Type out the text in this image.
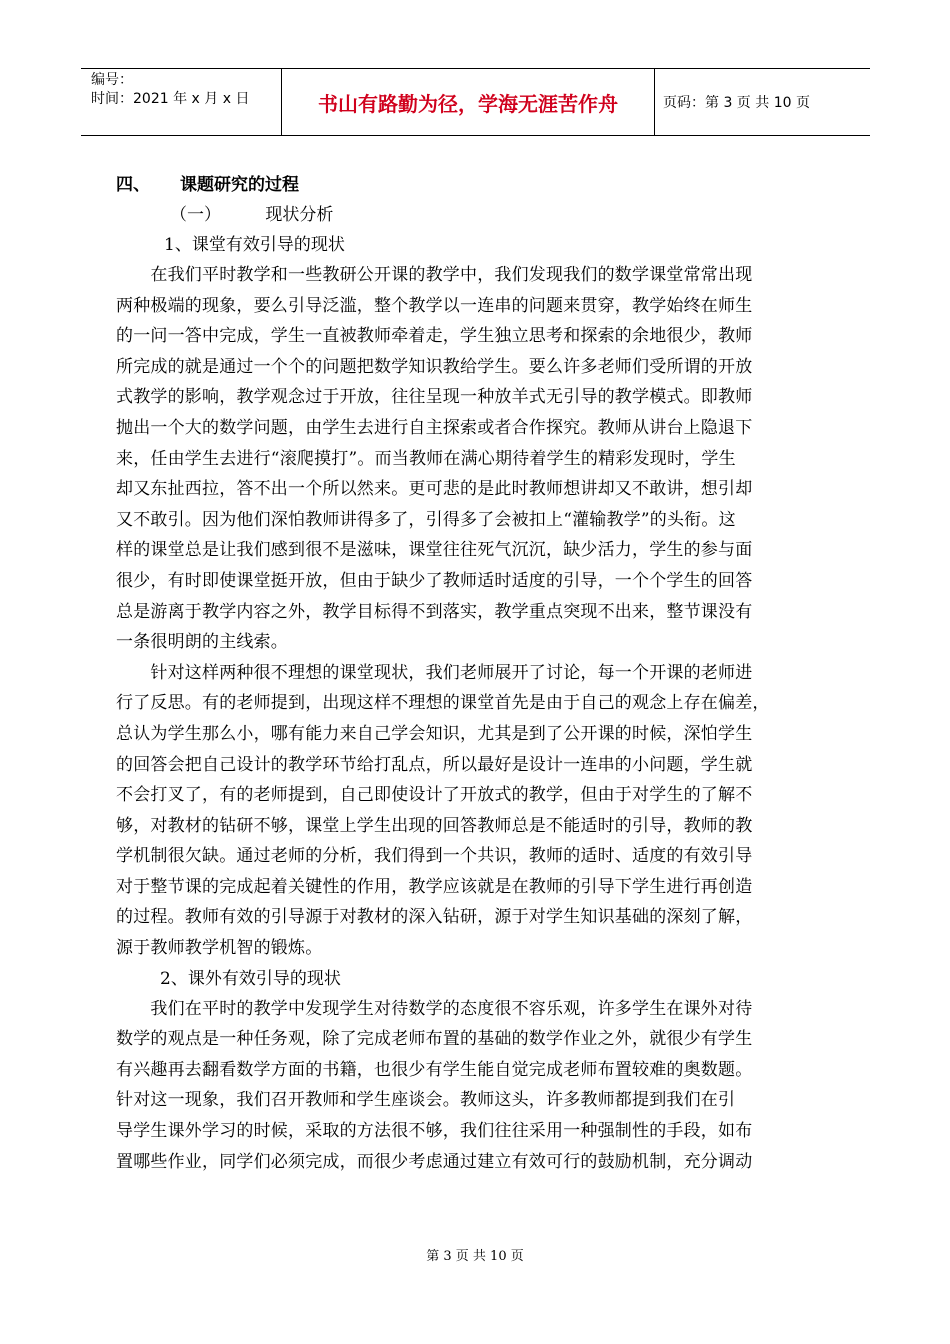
编号：
时间：2021 年 x 月 x 日	书山有路勤为径，学海无涯苦作舟	页码：第 3 页 共 10 页
四、	课题研究的过程
（一）	现状分析
1、课堂有效引导的现状
　　在我们平时教学和一些教研公开课的教学中，我们发现我们的数学课堂常常出现
两种极端的现象，要么引导泛滥，整个教学以一连串的问题来贯穿，教学始终在师生
的一问一答中完成，学生一直被教师牵着走，学生独立思考和探索的余地很少，教师
所完成的就是通过一个个的问题把数学知识教给学生。要么许多老师们受所谓的开放
式教学的影响，教学观念过于开放，往往呈现一种放羊式无引导的教学模式。即教师
抛出一个大的数学问题，由学生去进行自主探索或者合作探究。教师从讲台上隐退下
来，任由学生去进行“滚爬摸打”。而当教师在满心期待着学生的精彩发现时，学生
却又东扯西拉，答不出一个所以然来。更可悲的是此时教师想讲却又不敢讲，想引却
又不敢引。因为他们深怕教师讲得多了，引得多了会被扣上“灌输教学”的头衔。这
样的课堂总是让我们感到很不是滋味，课堂往往死气沉沉，缺少活力，学生的参与面
很少，有时即使课堂挺开放，但由于缺少了教师适时适度的引导，一个个学生的回答
总是游离于教学内容之外，教学目标得不到落实，教学重点突现不出来，整节课没有
一条很明朗的主线索。
　　针对这样两种很不理想的课堂现状，我们老师展开了讨论，每一个开课的老师进
行了反思。有的老师提到，出现这样不理想的课堂首先是由于自己的观念上存在偏差，
总认为学生那么小，哪有能力来自己学会知识，尤其是到了公开课的时候，深怕学生
的回答会把自己设计的教学环节给打乱点，所以最好是设计一连串的小问题，学生就
不会打叉了，有的老师提到，自己即使设计了开放式的教学，但由于对学生的了解不
够，对教材的钻研不够，课堂上学生出现的回答教师总是不能适时的引导，教师的教
学机制很欠缺。通过老师的分析，我们得到一个共识，教师的适时、适度的有效引导
对于整节课的完成起着关键性的作用，教学应该就是在教师的引导下学生进行再创造
的过程。教师有效的引导源于对教材的深入钻研，源于对学生知识基础的深刻了解，
源于教师教学机智的锻炼。
2、课外有效引导的现状
　　我们在平时的教学中发现学生对待数学的态度很不容乐观，许多学生在课外对待
数学的观点是一种任务观，除了完成老师布置的基础的数学作业之外，就很少有学生
有兴趣再去翻看数学方面的书籍，也很少有学生能自觉完成老师布置较难的奥数题。
针对这一现象，我们召开教师和学生座谈会。教师这头，许多教师都提到我们在引
导学生课外学习的时候，采取的方法很不够，我们往往采用一种强制性的手段，如布
置哪些作业，同学们必须完成，而很少考虑通过建立有效可行的鼓励机制，充分调动
第 3 页 共 10 页
